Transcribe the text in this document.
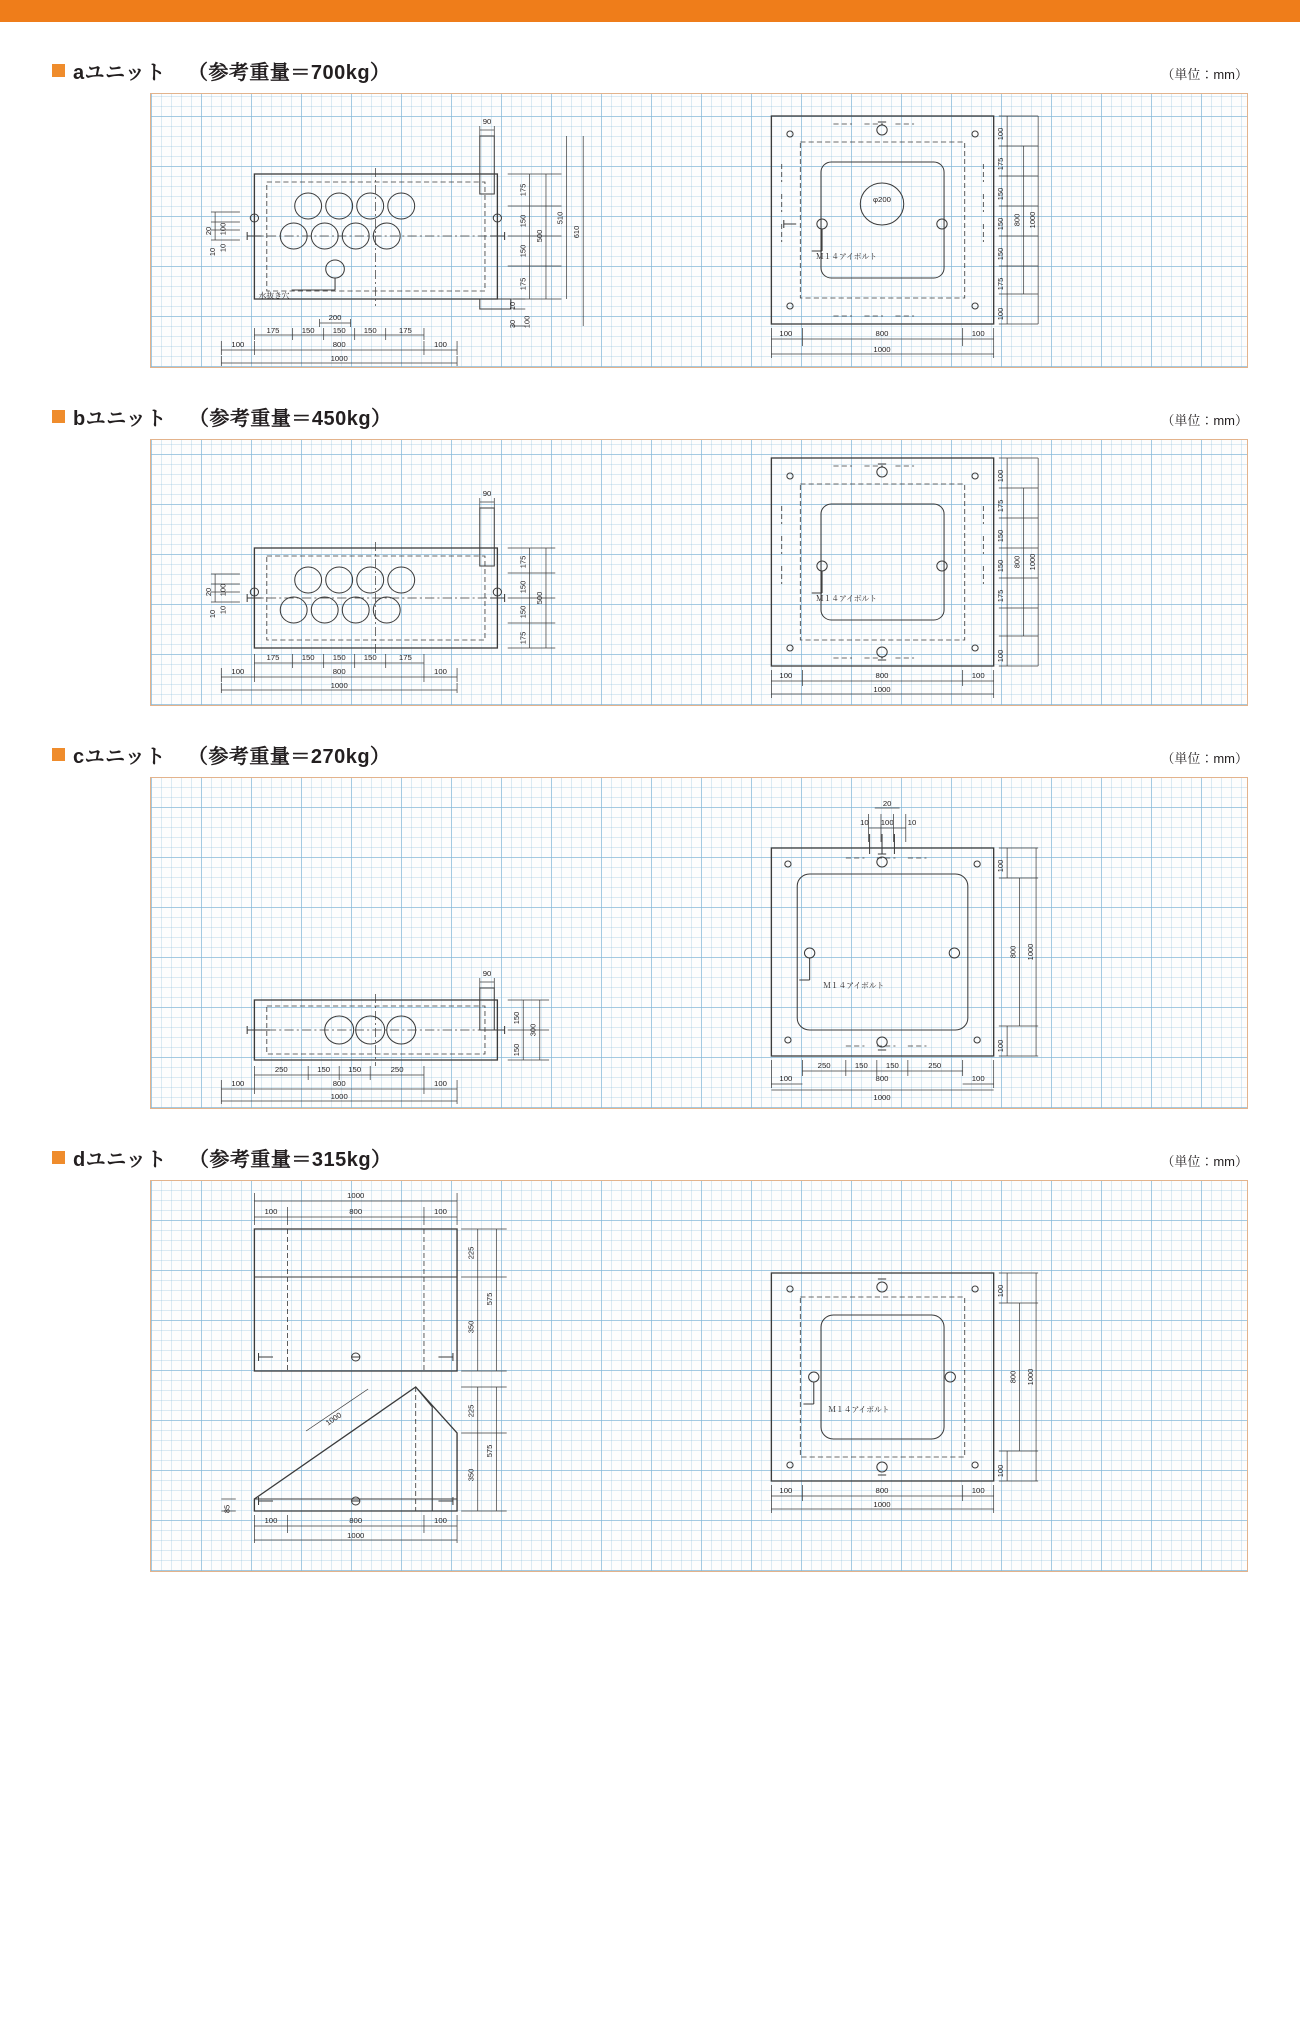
aユニット （参考重量＝700kg）	（単位：mm）
90
水抜き穴
20 100
10
10
175
150
150
175
500
510
610
10
30 100
200
175	150 150 150	175
100	800	100
1000
φ200
Ｍ１４アイボルト
100
175
150
150
150
175
100
800 1000
100	800	100
1000
bユニット （参考重量＝450kg）	（単位：mm）
90
20 100
10
10
175
150
150
175
500
175	150 150 150	175
100	800	100
1000
Ｍ１４アイボルト
100
175
150
150
175
100
800 1000
100	800	100
1000
cユニット （参考重量＝270kg）	（単位：mm）
90
150
150
300
250	150 150	250
100	800	100
1000
20
10 100 10
Ｍ１４アイボルト
100
100
800 1000
250	150 150	250
100	800	100
1000
dユニット （参考重量＝315kg）	（単位：mm）
1000
100	800	100
225
350
575
1000
85
225
350
575
100	800	100
1000
Ｍ１４アイボルト
100
100
800 1000
100	800	100
1000
